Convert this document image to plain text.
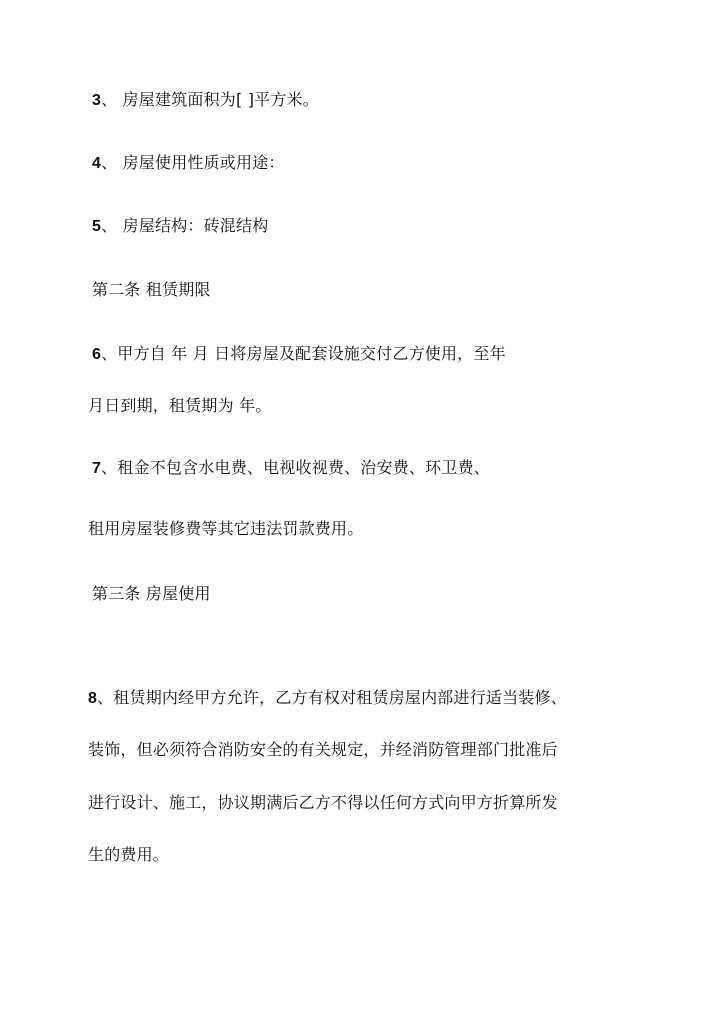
3、 房屋建筑面积为[ ]平方米。
4、 房屋使用性质或用途：
5、 房屋结构：砖混结构
第二条 租赁期限
6、甲方自 年 月 日将房屋及配套设施交付乙方使用，至年
月日到期，租赁期为 年。
7、租金不包含水电费、电视收视费、治安费、环卫费、
租用房屋装修费等其它违法罚款费用。
第三条 房屋使用
8、租赁期内经甲方允许，乙方有权对租赁房屋内部进行适当装修、
装饰，但必须符合消防安全的有关规定，并经消防管理部门批准后
进行设计、施工，协议期满后乙方不得以任何方式向甲方折算所发
生的费用。
